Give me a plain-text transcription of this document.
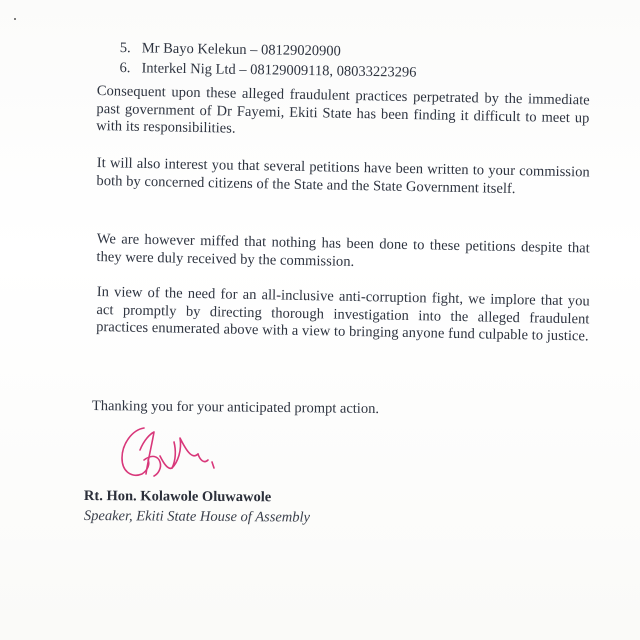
5. Mr Bayo Kelekun – 08129020900
6. Interkel Nig Ltd – 08129009118, 08033223296

Consequent upon these alleged fraudulent practices perpetrated by the immediate past government of Dr Fayemi, Ekiti State has been finding it difficult to meet up with its responsibilities.

It will also interest you that several petitions have been written to your commission both by concerned citizens of the State and the State Government itself.

We are however miffed that nothing has been done to these petitions despite that they were duly received by the commission.

In view of the need for an all-inclusive anti-corruption fight, we implore that you act promptly by directing thorough investigation into the alleged fraudulent practices enumerated above with a view to bringing anyone fund culpable to justice.

Thanking you for your anticipated prompt action.

Rt. Hon. Kolawole Oluwawole

Speaker, Ekiti State House of Assembly
